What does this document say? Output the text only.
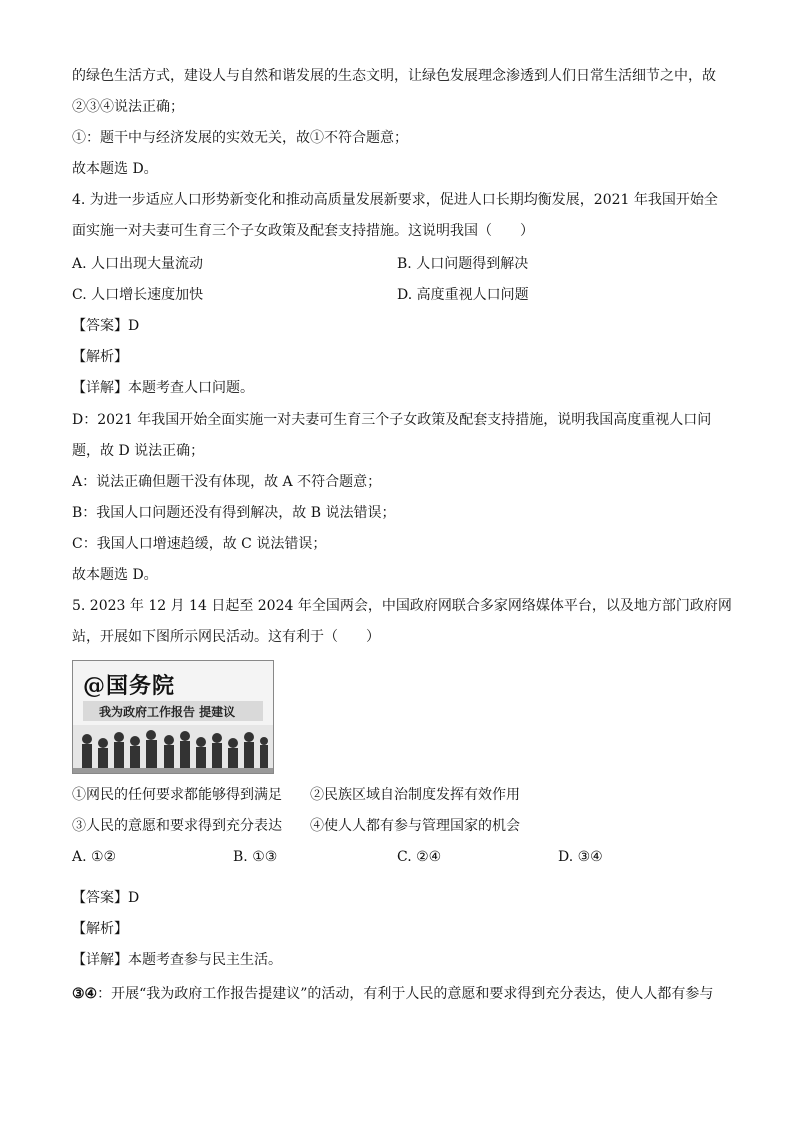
的绿色生活方式，建设人与自然和谐发展的生态文明，让绿色发展理念渗透到人们日常生活细节之中，故
②③④说法正确；
①：题干中与经济发展的实效无关，故①不符合题意；
故本题选 D。
4. 为进一步适应人口形势新变化和推动高质量发展新要求，促进人口长期均衡发展，2021 年我国开始全
面实施一对夫妻可生育三个子女政策及配套支持措施。这说明我国（　　）
A. 人口出现大量流动	B. 人口问题得到解决
C. 人口增长速度加快	D. 高度重视人口问题
【答案】D
【解析】
【详解】本题考查人口问题。
D：2021 年我国开始全面实施一对夫妻可生育三个子女政策及配套支持措施，说明我国高度重视人口问
题，故 D 说法正确；
A：说法正确但题干没有体现，故 A 不符合题意；
B：我国人口问题还没有得到解决，故 B 说法错误；
C：我国人口增速趋缓，故 C 说法错误；
故本题选 D。
5. 2023 年 12 月 14 日起至 2024 年全国两会，中国政府网联合多家网络媒体平台，以及地方部门政府网
站，开展如下图所示网民活动。这有利于（　　）
@国务院
我为政府工作报告 提建议
①网民的任何要求都能够得到满足 ②民族区域自治制度发挥有效作用
③人民的意愿和要求得到充分表达 ④使人人都有参与管理国家的机会
A. ①②	B. ①③	C. ②④	D. ③④
【答案】D
【解析】
【详解】本题考查参与民主生活。
③④：开展“我为政府工作报告提建议”的活动，有利于人民的意愿和要求得到充分表达，使人人都有参与
